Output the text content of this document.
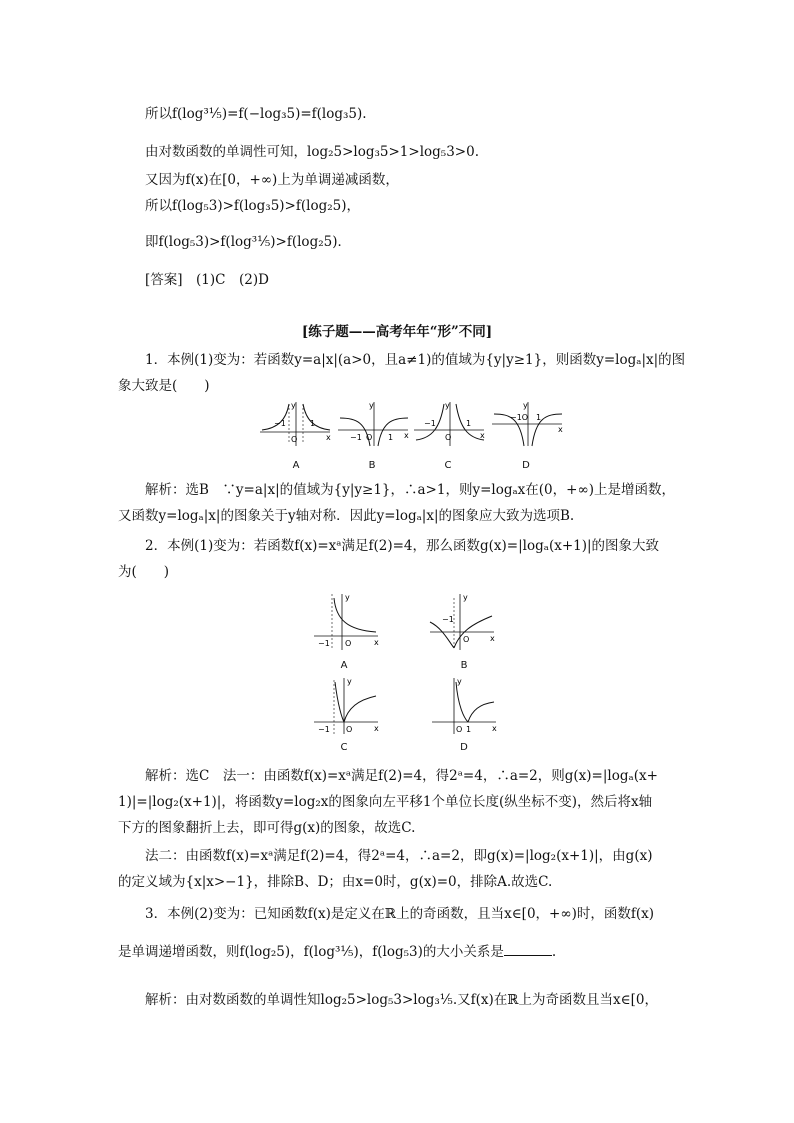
所以f(log³⅕)=f(−log₃5)=f(log₃5).
由对数函数的单调性可知，log₂5>log₃5>1>log₅3>0.
又因为f(x)在[0，+∞)上为单调递减函数，
所以f(log₅3)>f(log₃5)>f(log₂5)，
即f(log₅3)>f(log³⅕)>f(log₂5)．
[答案]　(1)C　(2)D
[练子题——高考年年“形”不同]
1．本例(1)变为：若函数y=a|x|(a>0，且a≠1)的值域为{y|y≥1}，则函数y=logₐ|x|的图
象大致是(　　)
−1	1
O
y
x
A
−1	1
O
y
x
B
−1	1
O
y
x
C
−1O 1
y
x
D
解析：选B　∵y=a|x|的值域为{y|y≥1}，∴a>1，则y=logₐx在(0，+∞)上是增函数，
又函数y=logₐ|x|的图象关于y轴对称．因此y=logₐ|x|的图象应大致为选项B.
2．本例(1)变为：若函数f(x)=xᵃ满足f(2)=4，那么函数g(x)=|logₐ(x+1)|的图象大致
为(　　)
−1 O
y
x
A
−1
O
y
x
B
−1 O
y
x
C
O 1
y
x
D
解析：选C　法一：由函数f(x)=xᵃ满足f(2)=4，得2ᵃ=4，∴a=2，则g(x)=|logₐ(x+
1)|=|log₂(x+1)|，将函数y=log₂x的图象向左平移1个单位长度(纵坐标不变)，然后将x轴
下方的图象翻折上去，即可得g(x)的图象，故选C.
法二：由函数f(x)=xᵃ满足f(2)=4，得2ᵃ=4，∴a=2，即g(x)=|log₂(x+1)|，由g(x)
的定义域为{x|x>−1}，排除B、D；由x=0时，g(x)=0，排除A.故选C.
3．本例(2)变为：已知函数f(x)是定义在ℝ上的奇函数，且当x∈[0，+∞)时，函数f(x)
是单调递增函数，则f(log₂5)，f(log³⅕)，f(log₅3)的大小关系是	.
解析：由对数函数的单调性知log₂5>log₅3>log₃⅕.又f(x)在ℝ上为奇函数且当x∈[0，
